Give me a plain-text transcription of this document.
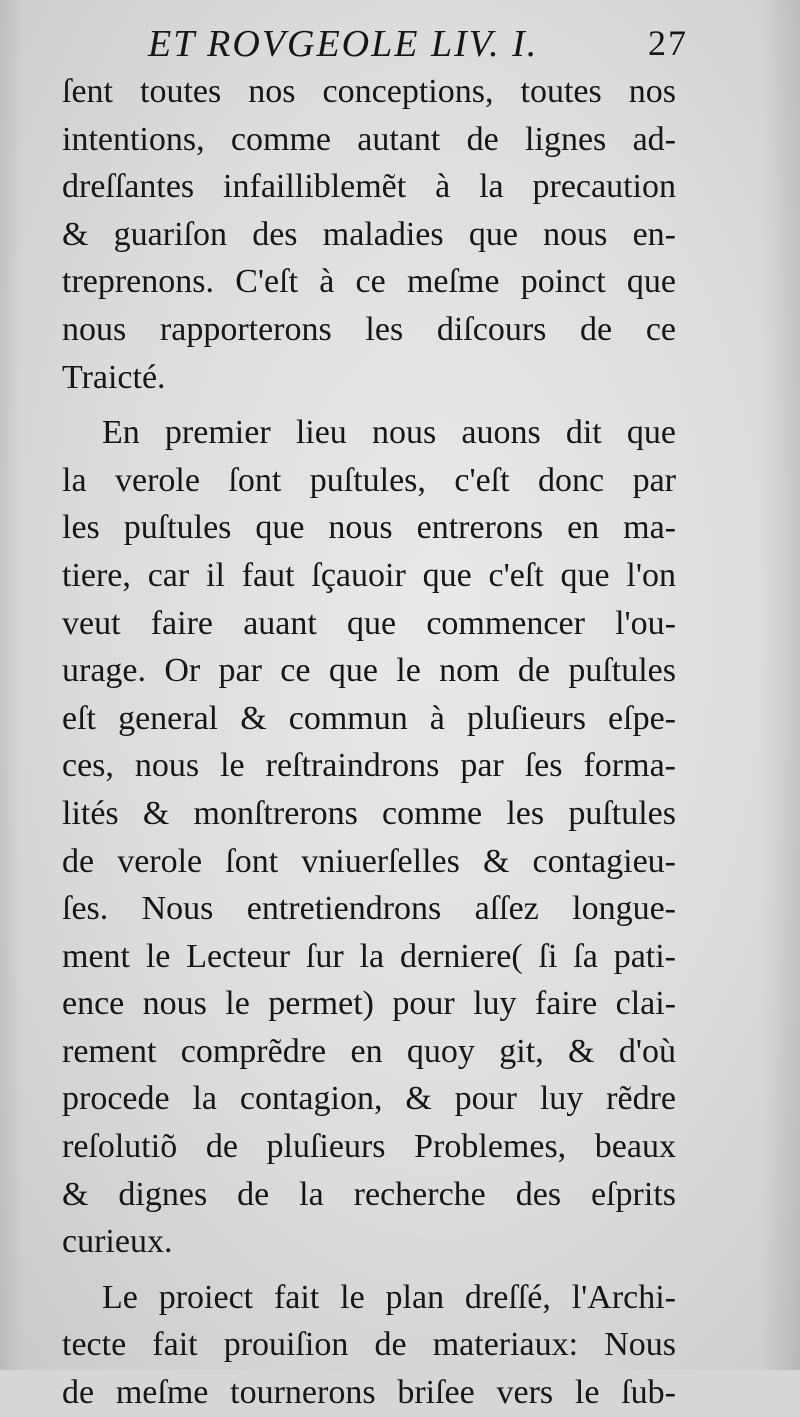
ET ROVGEOLE LIV. I.	27
ſent toutes nos conceptions, toutes nos
intentions, comme autant de lignes ad-
dreſſantes infailliblemẽt à la precaution
& guariſon des maladies que nous en-
treprenons. C'eſt à ce meſme poinct que
nous rapporterons les diſcours de ce
Traicté.
En premier lieu nous auons dit que
la verole ſont puſtules, c'eſt donc par
les puſtules que nous entrerons en ma-
tiere, car il faut ſçauoir que c'eſt que l'on
veut faire auant que commencer l'ou-
urage. Or par ce que le nom de puſtules
eſt general & commun à pluſieurs eſpe-
ces, nous le reſtraindrons par ſes forma-
lités & monſtrerons comme les puſtules
de verole ſont vniuerſelles & contagieu-
ſes. Nous entretiendrons aſſez longue-
ment le Lecteur ſur la derniere( ſi ſa pati-
ence nous le permet) pour luy faire clai-
rement comprẽdre en quoy git, & d'où
procede la contagion, & pour luy rẽdre
reſolutiõ de pluſieurs Problemes, beaux
& dignes de la recherche des eſprits
curieux.
Le proiect fait le plan dreſſé, l'Archi-
tecte fait prouiſion de materiaux: Nous
de meſme tournerons briſee vers le ſub-
